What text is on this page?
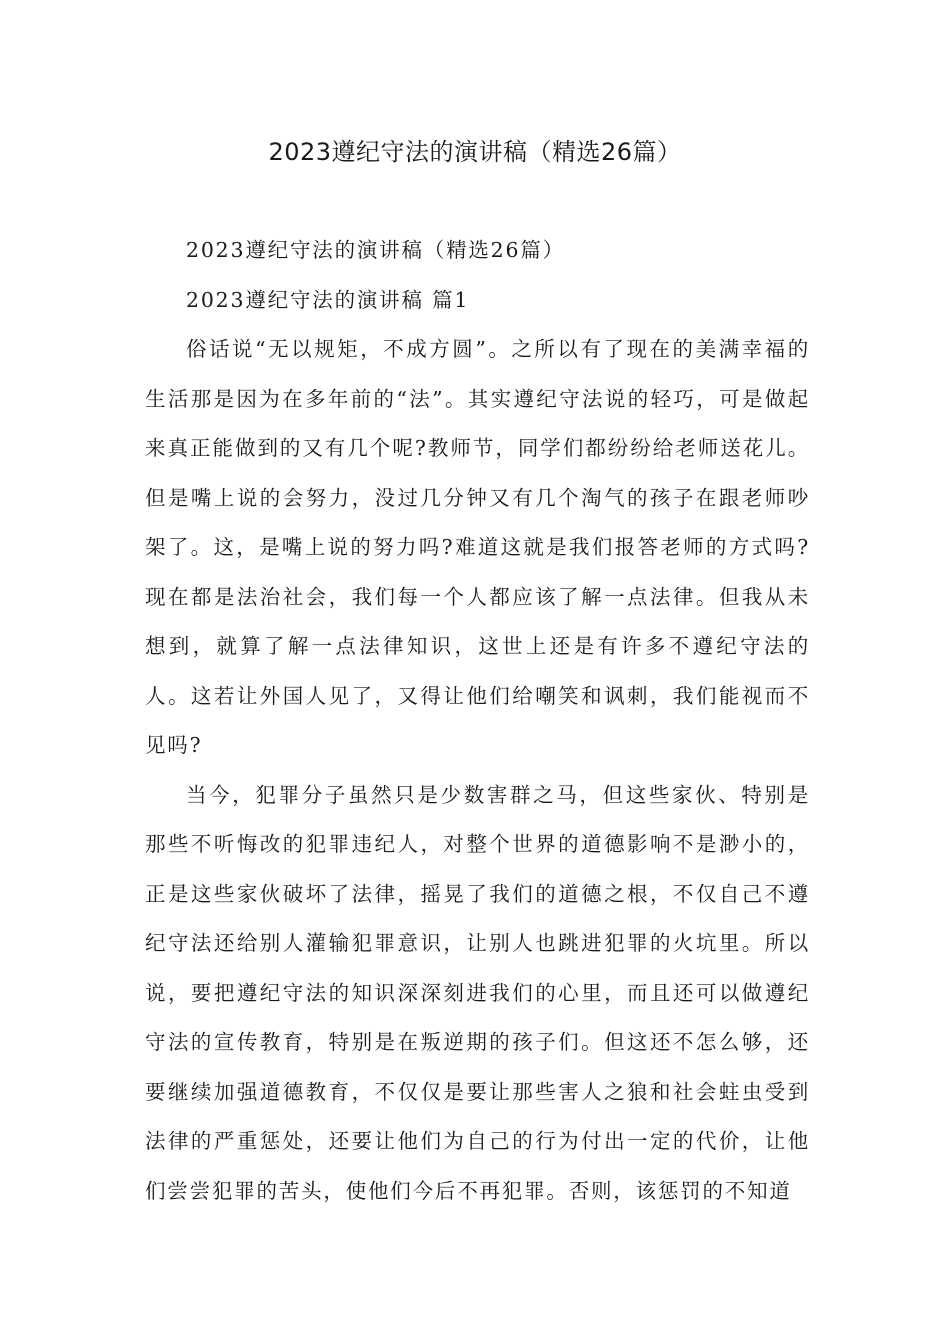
2023遵纪守法的演讲稿（精选26篇）

2023遵纪守法的演讲稿（精选26篇）

2023遵纪守法的演讲稿 篇1

俗话说“无以规矩，不成方圆”。之所以有了现在的美满幸福的生活那是因为在多年前的“法”。其实遵纪守法说的轻巧，可是做起来真正能做到的又有几个呢?教师节，同学们都纷纷给老师送花儿。但是嘴上说的会努力，没过几分钟又有几个淘气的孩子在跟老师吵架了。这，是嘴上说的努力吗?难道这就是我们报答老师的方式吗?现在都是法治社会，我们每一个人都应该了解一点法律。但我从未想到，就算了解一点法律知识，这世上还是有许多不遵纪守法的人。这若让外国人见了，又得让他们给嘲笑和讽刺，我们能视而不见吗?

当今，犯罪分子虽然只是少数害群之马，但这些家伙、特别是那些不听悔改的犯罪违纪人，对整个世界的道德影响不是渺小的，正是这些家伙破坏了法律，摇晃了我们的道德之根，不仅自己不遵纪守法还给别人灌输犯罪意识，让别人也跳进犯罪的火坑里。所以说，要把遵纪守法的知识深深刻进我们的心里，而且还可以做遵纪守法的宣传教育，特别是在叛逆期的孩子们。但这还不怎么够，还要继续加强道德教育，不仅仅是要让那些害人之狼和社会蛀虫受到法律的严重惩处，还要让他们为自己的行为付出一定的代价，让他们尝尝犯罪的苦头，使他们今后不再犯罪。否则，该惩罚的不知道
